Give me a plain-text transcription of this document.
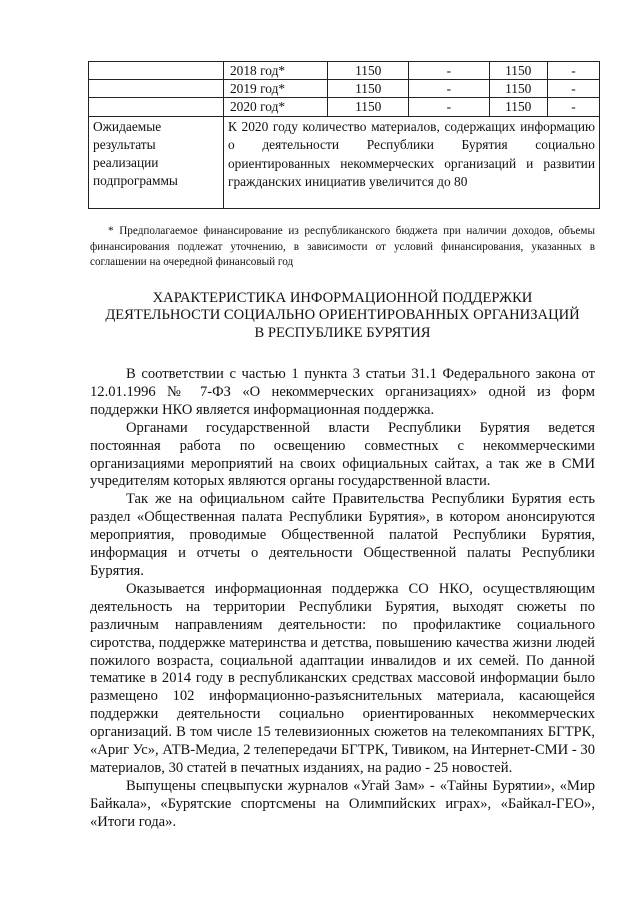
	2018 год*	1150	-	1150	-
	2019 год*	1150	-	1150	-
	2020 год*	1150	-	1150	-
Ожидаемые результаты реализации подпрограммы	К 2020 году количество материалов, содержащих информацию о деятельности Республики Бурятия социально ориентированных некоммерческих организаций и развитии гражданских инициатив увеличится до 80				

* Предполагаемое финансирование из республиканского бюджета при наличии доходов, объемы финансирования подлежат уточнению, в зависимости от условий финансирования, указанных в соглашении на очередной финансовый год

ХАРАКТЕРИСТИКА ИНФОРМАЦИОННОЙ ПОДДЕРЖКИ
ДЕЯТЕЛЬНОСТИ СОЦИАЛЬНО ОРИЕНТИРОВАННЫХ ОРГАНИЗАЦИЙ
В РЕСПУБЛИКЕ БУРЯТИЯ

В соответствии с частью 1 пункта 3 статьи 31.1 Федерального закона от 12.01.1996 № 7-ФЗ «О некоммерческих организациях» одной из форм поддержки НКО является информационная поддержка.

Органами государственной власти Республики Бурятия ведется постоянная работа по освещению совместных с некоммерческими организациями мероприятий на своих официальных сайтах, а так же в СМИ учредителям которых являются органы государственной власти.

Так же на официальном сайте Правительства Республики Бурятия есть раздел «Общественная палата Республики Бурятия», в котором анонсируются мероприятия, проводимые Общественной палатой Республики Бурятия, информация и отчеты о деятельности Общественной палаты Республики Бурятия.

Оказывается информационная поддержка СО НКО, осуществляющим деятельность на территории Республики Бурятия, выходят сюжеты по различным направлениям деятельности: по профилактике социального сиротства, поддержке материнства и детства, повышению качества жизни людей пожилого возраста, социальной адаптации инвалидов и их семей. По данной тематике в 2014 году в республиканских средствах массовой информации было размещено 102 информационно-разъяснительных материала, касающейся поддержки деятельности социально ориентированных некоммерческих организаций. В том числе 15 телевизионных сюжетов на телекомпаниях БГТРК, «Ариг Ус», АТВ-Медиа, 2 телепередачи БГТРК, Тивиком, на Интернет-СМИ - 30 материалов, 30 статей в печатных изданиях, на радио - 25 новостей.

Выпущены спецвыпуски журналов «Угай Зам» - «Тайны Бурятии», «Мир Байкала», «Бурятские спортсмены на Олимпийских играх», «Байкал-ГЕО», «Итоги года».
